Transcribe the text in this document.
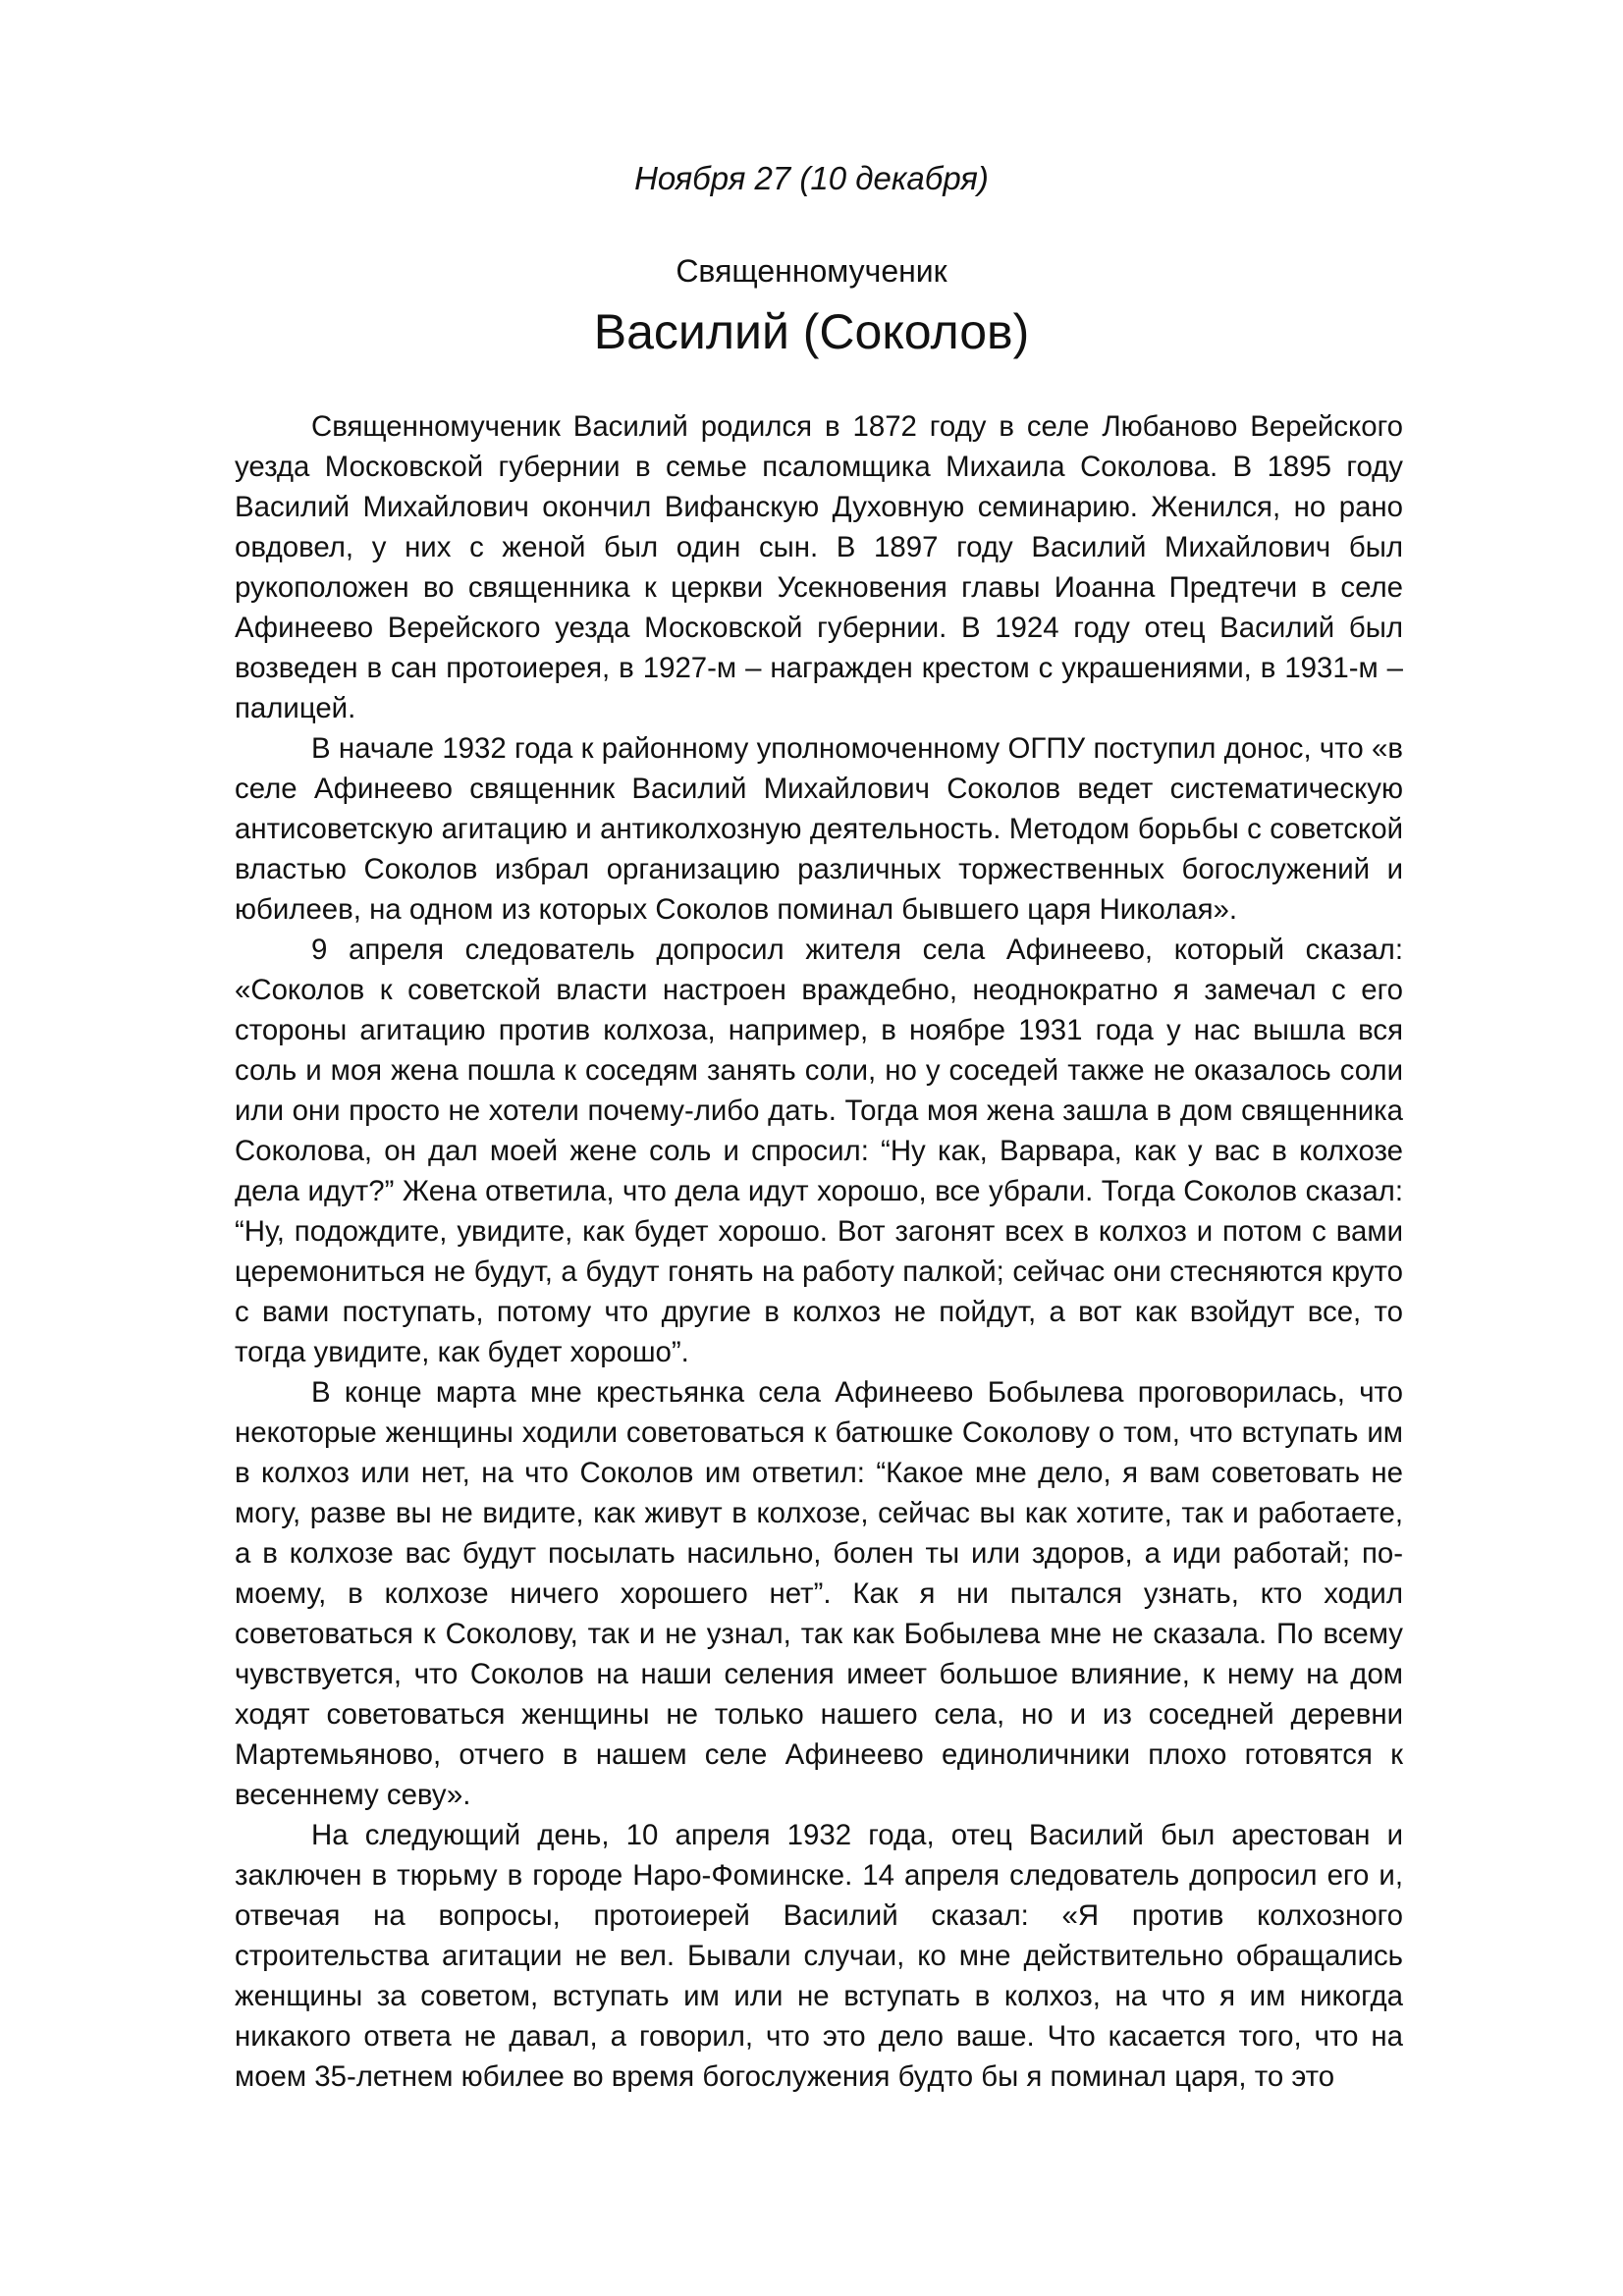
Ноября 27 (10 декабря)
Священномученик
Василий (Соколов)

Священномученик Василий родился в 1872 году в селе Любаново Верейского уезда Московской губернии в семье псаломщика Михаила Соколова. В 1895 году Василий Михайлович окончил Вифанскую Духовную семинарию. Женился, но рано овдовел, у них с женой был один сын. В 1897 году Василий Михайлович был рукоположен во священника к церкви Усекновения главы Иоанна Предтечи в селе Афинеево Верейского уезда Московской губернии. В 1924 году отец Василий был возведен в сан протоиерея, в 1927-м – награжден крестом с украшениями, в 1931-м – палицей.

В начале 1932 года к районному уполномоченному ОГПУ поступил донос, что «в селе Афинеево священник Василий Михайлович Соколов ведет систематическую антисоветскую агитацию и антиколхозную деятельность. Методом борьбы с советской властью Соколов избрал организацию различных торжественных богослужений и юбилеев, на одном из которых Соколов поминал бывшего царя Николая».

9 апреля следователь допросил жителя села Афинеево, который сказал: «Соколов к советской власти настроен враждебно, неоднократно я замечал с его стороны агитацию против колхоза, например, в ноябре 1931 года у нас вышла вся соль и моя жена пошла к соседям занять соли, но у соседей также не оказалось соли или они просто не хотели почему-либо дать. Тогда моя жена зашла в дом священника Соколова, он дал моей жене соль и спросил: “Ну как, Варвара, как у вас в колхозе дела идут?” Жена ответила, что дела идут хорошо, все убрали. Тогда Соколов сказал: “Ну, подождите, увидите, как будет хорошо. Вот загонят всех в колхоз и потом с вами церемониться не будут, а будут гонять на работу палкой; сейчас они стесняются круто с вами поступать, потому что другие в колхоз не пойдут, а вот как взойдут все, то тогда увидите, как будет хорошо”.

В конце марта мне крестьянка села Афинеево Бобылева проговорилась, что некоторые женщины ходили советоваться к батюшке Соколову о том, что вступать им в колхоз или нет, на что Соколов им ответил: “Какое мне дело, я вам советовать не могу, разве вы не видите, как живут в колхозе, сейчас вы как хотите, так и работаете, а в колхозе вас будут посылать насильно, болен ты или здоров, а иди работай; по-моему, в колхозе ничего хорошего нет”. Как я ни пытался узнать, кто ходил советоваться к Соколову, так и не узнал, так как Бобылева мне не сказала. По всему чувствуется, что Соколов на наши селения имеет большое влияние, к нему на дом ходят советоваться женщины не только нашего села, но и из соседней деревни Мартемьяново, отчего в нашем селе Афинеево единоличники плохо готовятся к весеннему севу».

На следующий день, 10 апреля 1932 года, отец Василий был арестован и заключен в тюрьму в городе Наро-Фоминске. 14 апреля следователь допросил его и, отвечая на вопросы, протоиерей Василий сказал: «Я против колхозного строительства агитации не вел. Бывали случаи, ко мне действительно обращались женщины за советом, вступать им или не вступать в колхоз, на что я им никогда никакого ответа не давал, а говорил, что это дело ваше. Что касается того, что на моем 35-летнем юбилее во время богослужения будто бы я поминал царя, то это
